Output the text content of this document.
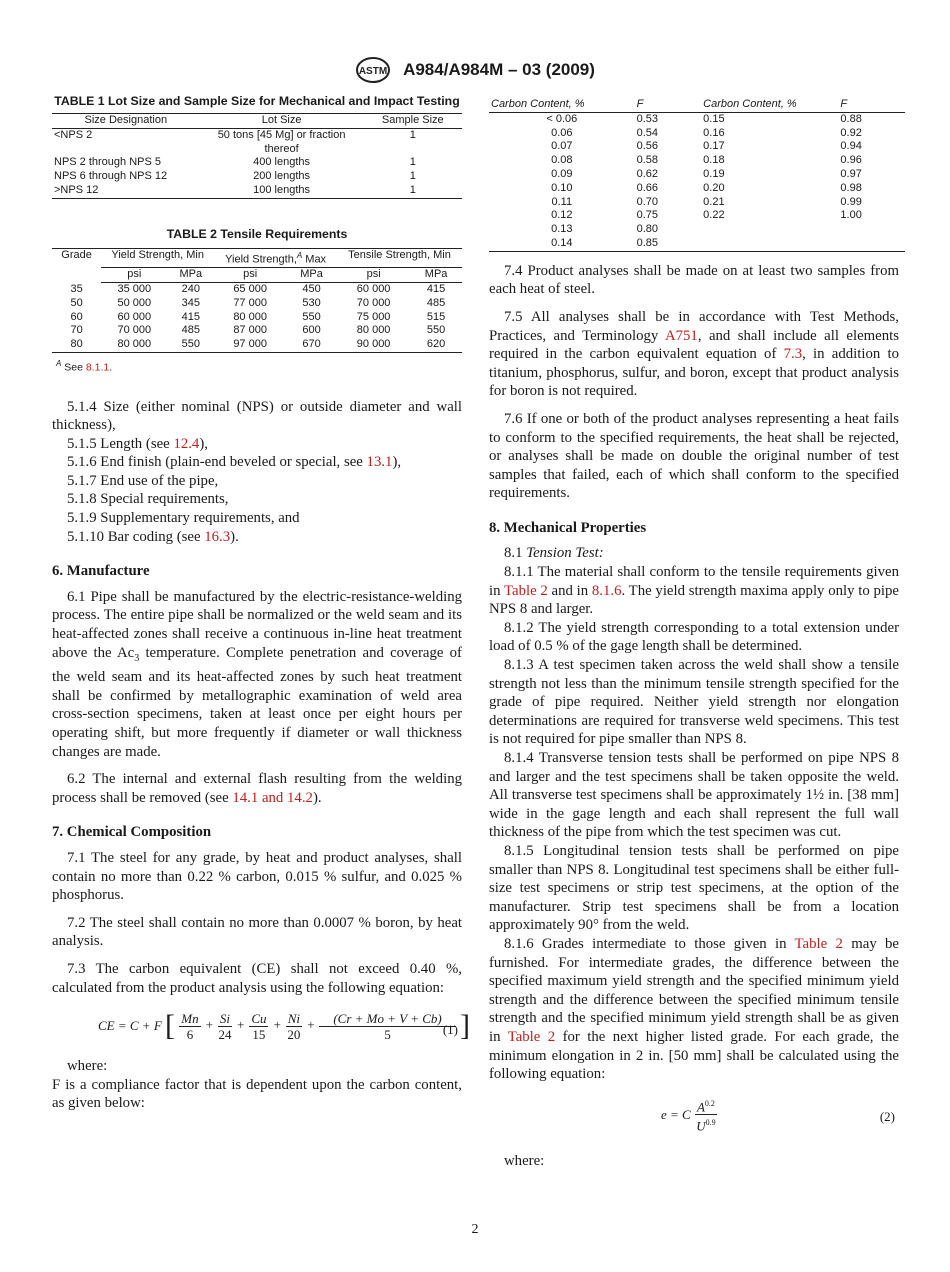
ASTM A984/A984M – 03 (2009)
TABLE 1 Lot Size and Sample Size for Mechanical and Impact Testing
Size Designation	Lot Size	Sample Size
<NPS 2	50 tons [45 Mg] or fraction thereof	1
NPS 2 through NPS 5	400 lengths	1
NPS 6 through NPS 12	200 lengths	1
>NPS 12	100 lengths	1
TABLE 2 Tensile Requirements
Grade	Yield Strength, Min		Yield Strength,$^A$ Max		Tensile Strength, Min	
	psi	MPa	psi	MPa	psi	MPa
35	35 000	240	65 000	450	60 000	415
50	50 000	345	77 000	530	70 000	485
60	60 000	415	80 000	550	75 000	515
70	70 000	485	87 000	600	80 000	550
80	80 000	550	97 000	670	90 000	620
$^A$ See 8.1.1.

5.1.4 Size (either nominal (NPS) or outside diameter and wall thickness),

5.1.5 Length (see 12.4),

5.1.6 End finish (plain-end beveled or special, see 13.1),

5.1.7 End use of the pipe,

5.1.8 Special requirements,

5.1.9 Supplementary requirements, and

5.1.10 Bar coding (see 16.3).

6. Manufacture

6.1 Pipe shall be manufactured by the electric-resistance-welding process. The entire pipe shall be normalized or the weld seam and its heat-affected zones shall receive a continuous in-line heat treatment above the $Ac_3$ temperature. Complete penetration and coverage of the weld seam and its heat-affected zones by such heat treatment shall be confirmed by metallographic examination of weld area cross-section specimens, taken at least once per eight hours per operating shift, but more frequently if diameter or wall thickness changes are made.

6.2 The internal and external flash resulting from the welding process shall be removed (see 14.1 and 14.2).

7. Chemical Composition

7.1 The steel for any grade, by heat and product analyses, shall contain no more than 0.22 % carbon, 0.015 % sulfur, and 0.025 % phosphorus.

7.2 The steel shall contain no more than 0.0007 % boron, by heat analysis.

7.3 The carbon equivalent (CE) shall not exceed 0.40 %, calculated from the product analysis using the following equation:

CE = C + F [ $\frac{Mn}{6} + \frac{Si}{24} + \frac{Cu}{15} + \frac{Ni}{20} + \frac{(Cr + Mo + V + Cb)}{5}$ ]
(1)

where:

F is a compliance factor that is dependent upon the carbon content, as given below:

Carbon Content, %	F	Carbon Content, %	F
< 0.06	0.53	0.15	0.88
0.06	0.54	0.16	0.92
0.07	0.56	0.17	0.94
0.08	0.58	0.18	0.96
0.09	0.62	0.19	0.97
0.10	0.66	0.20	0.98
0.11	0.70	0.21	0.99
0.12	0.75	0.22	1.00
0.13	0.80		
0.14	0.85		

7.4 Product analyses shall be made on at least two samples from each heat of steel.

7.5 All analyses shall be in accordance with Test Methods, Practices, and Terminology A751, and shall include all elements required in the carbon equivalent equation of 7.3, in addition to titanium, phosphorus, sulfur, and boron, except that product analysis for boron is not required.

7.6 If one or both of the product analyses representing a heat fails to conform to the specified requirements, the heat shall be rejected, or analyses shall be made on double the original number of test samples that failed, each of which shall conform to the specified requirements.

8. Mechanical Properties

8.1 Tension Test:

8.1.1 The material shall conform to the tensile requirements given in Table 2 and in 8.1.6. The yield strength maxima apply only to pipe NPS 8 and larger.

8.1.2 The yield strength corresponding to a total extension under load of 0.5 % of the gage length shall be determined.

8.1.3 A test specimen taken across the weld shall show a tensile strength not less than the minimum tensile strength specified for the grade of pipe required. Neither yield strength nor elongation determinations are required for transverse weld specimens. This test is not required for pipe smaller than NPS 8.

8.1.4 Transverse tension tests shall be performed on pipe NPS 8 and larger and the test specimens shall be taken opposite the weld. All transverse test specimens shall be approximately 1½ in. [38 mm] wide in the gage length and each shall represent the full wall thickness of the pipe from which the test specimen was cut.

8.1.5 Longitudinal tension tests shall be performed on pipe smaller than NPS 8. Longitudinal test specimens shall be either full-size test specimens or strip test specimens, at the option of the manufacturer. Strip test specimens shall be from a location approximately 90° from the weld.

8.1.6 Grades intermediate to those given in Table 2 may be furnished. For intermediate grades, the difference between the specified maximum yield strength and the specified minimum yield strength and the difference between the specified minimum tensile strength and the specified minimum yield strength shall be as given in Table 2 for the next higher listed grade. For each grade, the minimum elongation in 2 in. [50 mm] shall be calculated using the following equation:

e = C $\frac{A^{0.2}}{U^{0.9}}$	(2)

where:

2
